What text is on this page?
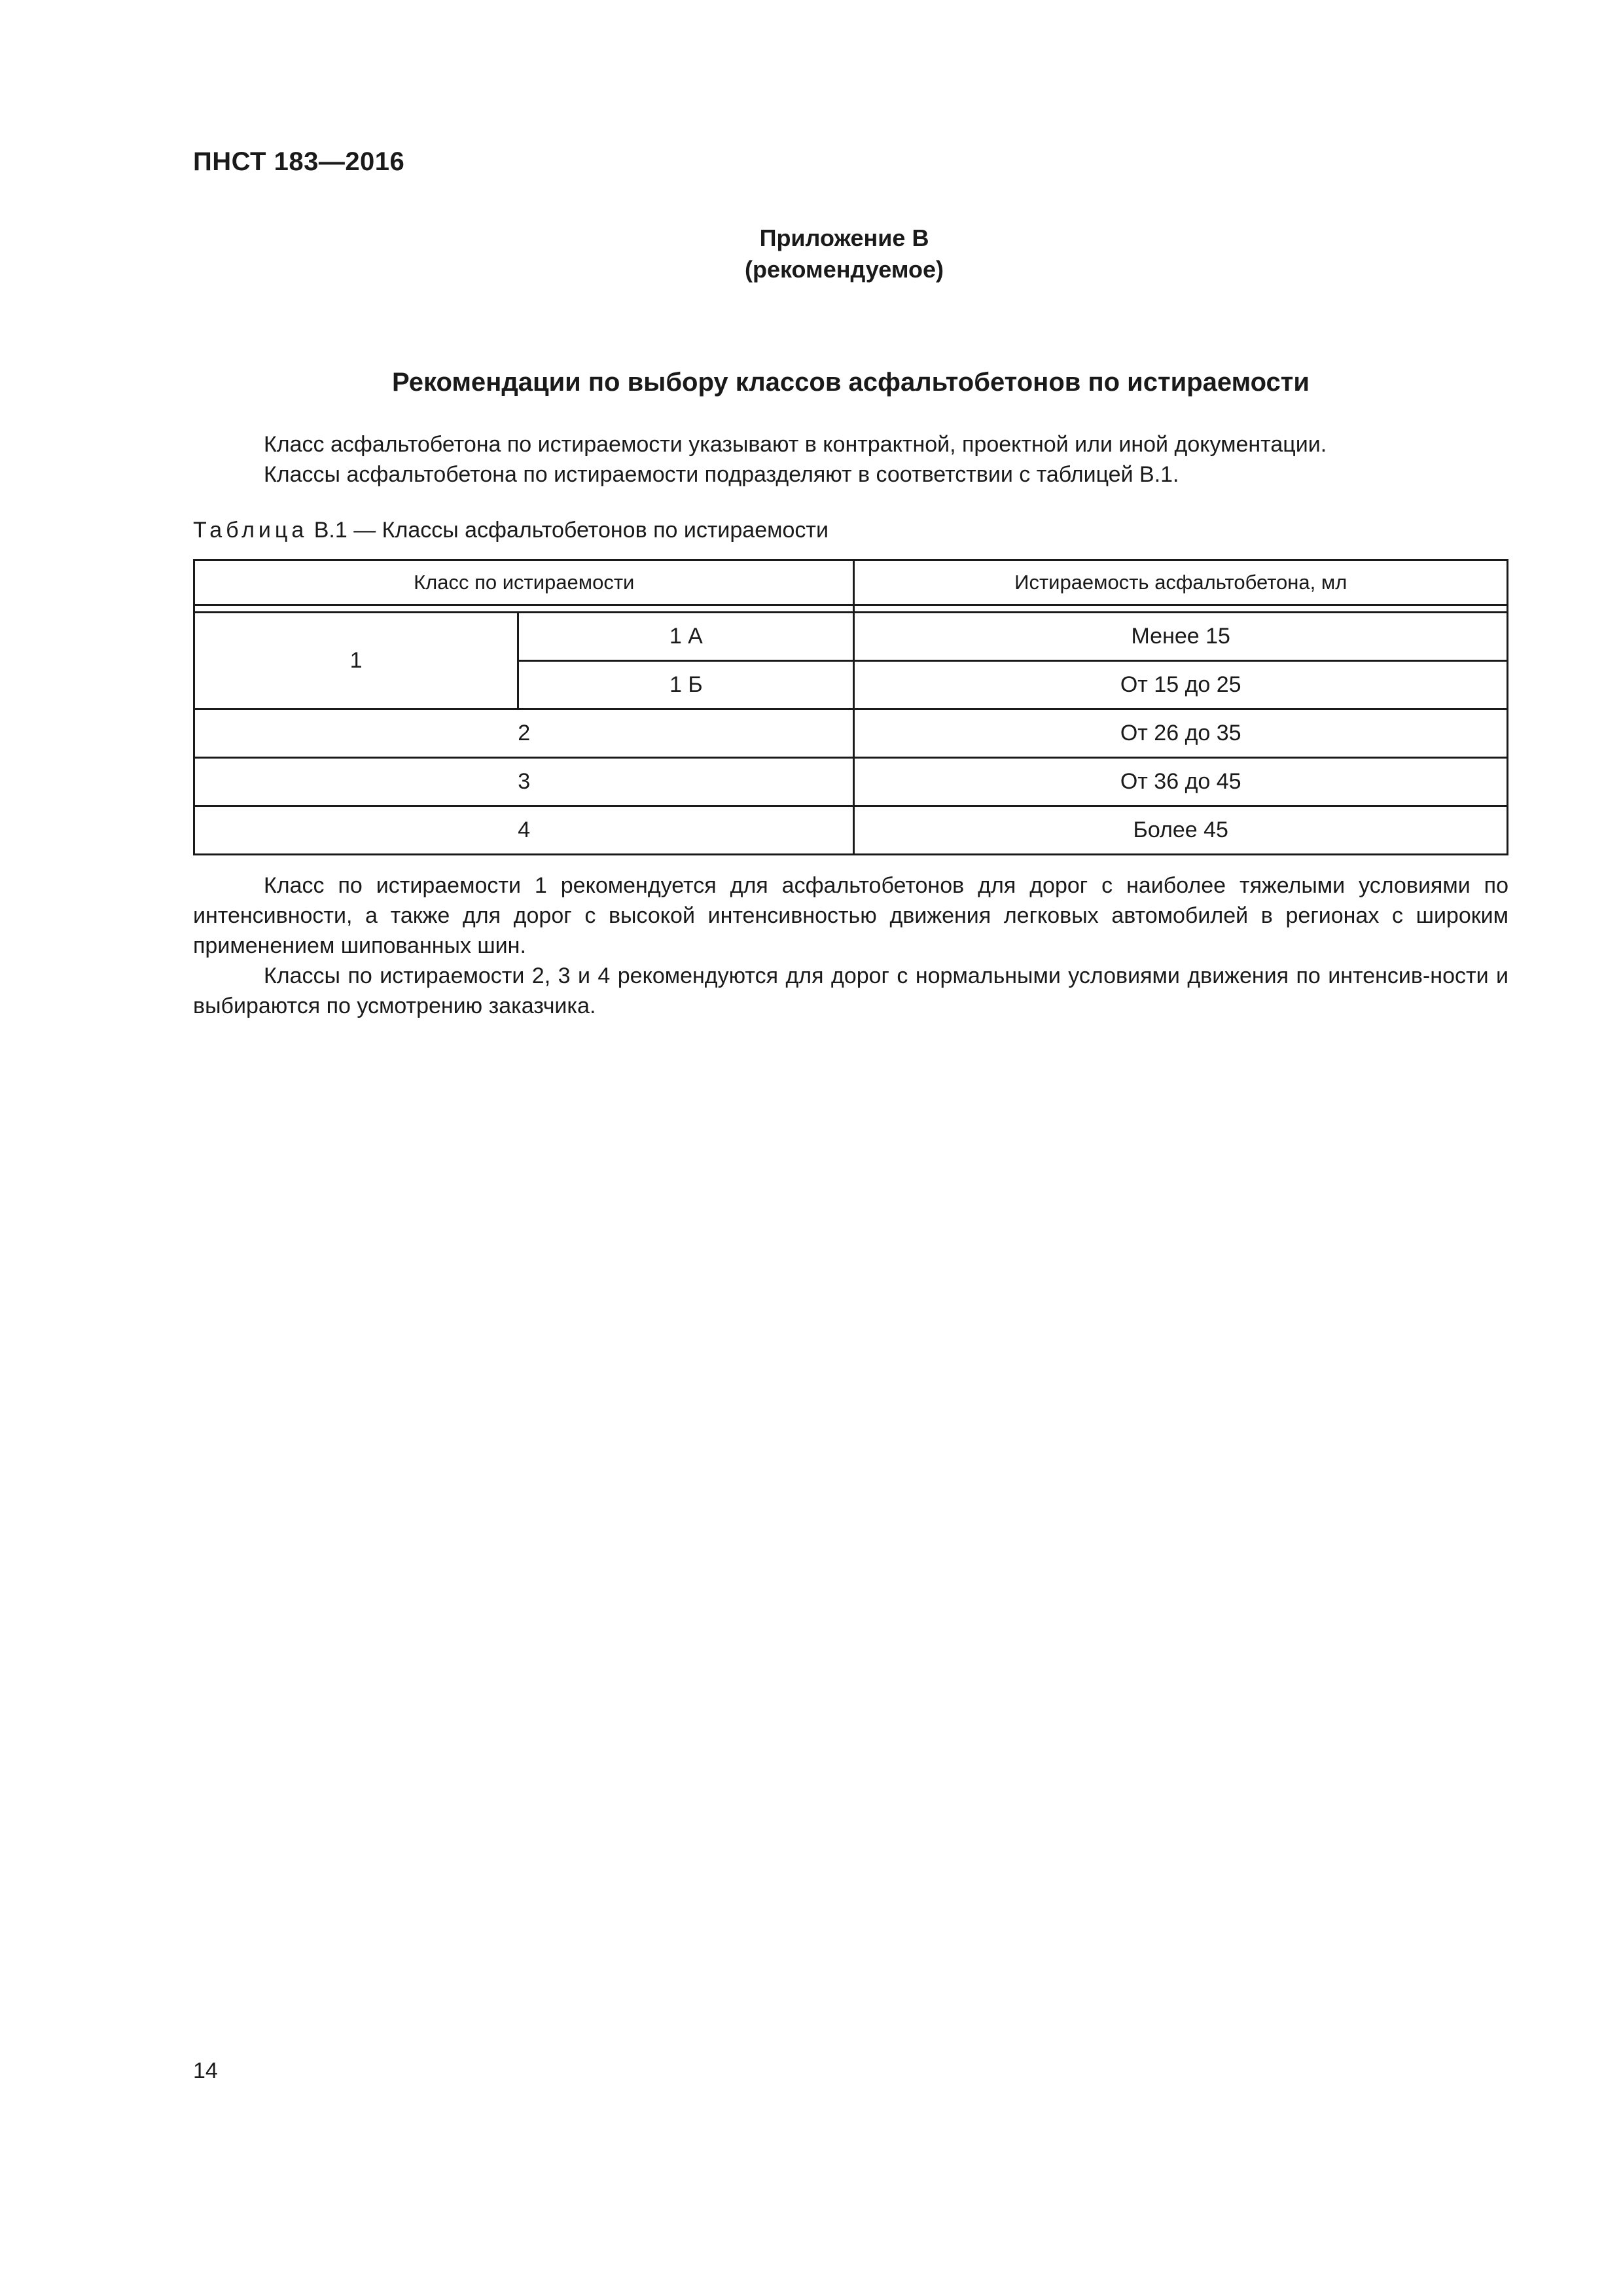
ПНСТ 183—2016
Приложение В
(рекомендуемое)
Рекомендации по выбору классов асфальтобетонов по истираемости

Класс асфальтобетона по истираемости указывают в контрактной, проектной или иной документации.

Классы асфальтобетона по истираемости подразделяют в соответствии с таблицей В.1.

Таблица В.1 — Классы асфальтобетонов по истираемости
Класс по истираемости		Истираемость асфальтобетона, мл

1	1 А	Менее 15
	1 Б	От 15 до 25
2		От 26 до 35
3		От 36 до 45
4		Более 45

Класс по истираемости 1 рекомендуется для асфальтобетонов для дорог с наиболее тяжелыми условиями по интенсивности, а также для дорог с высокой интенсивностью движения легковых автомобилей в регионах с широким применением шипованных шин.

Классы по истираемости 2, 3 и 4 рекомендуются для дорог с нормальными условиями движения по интенсив-ности и выбираются по усмотрению заказчика.

14
